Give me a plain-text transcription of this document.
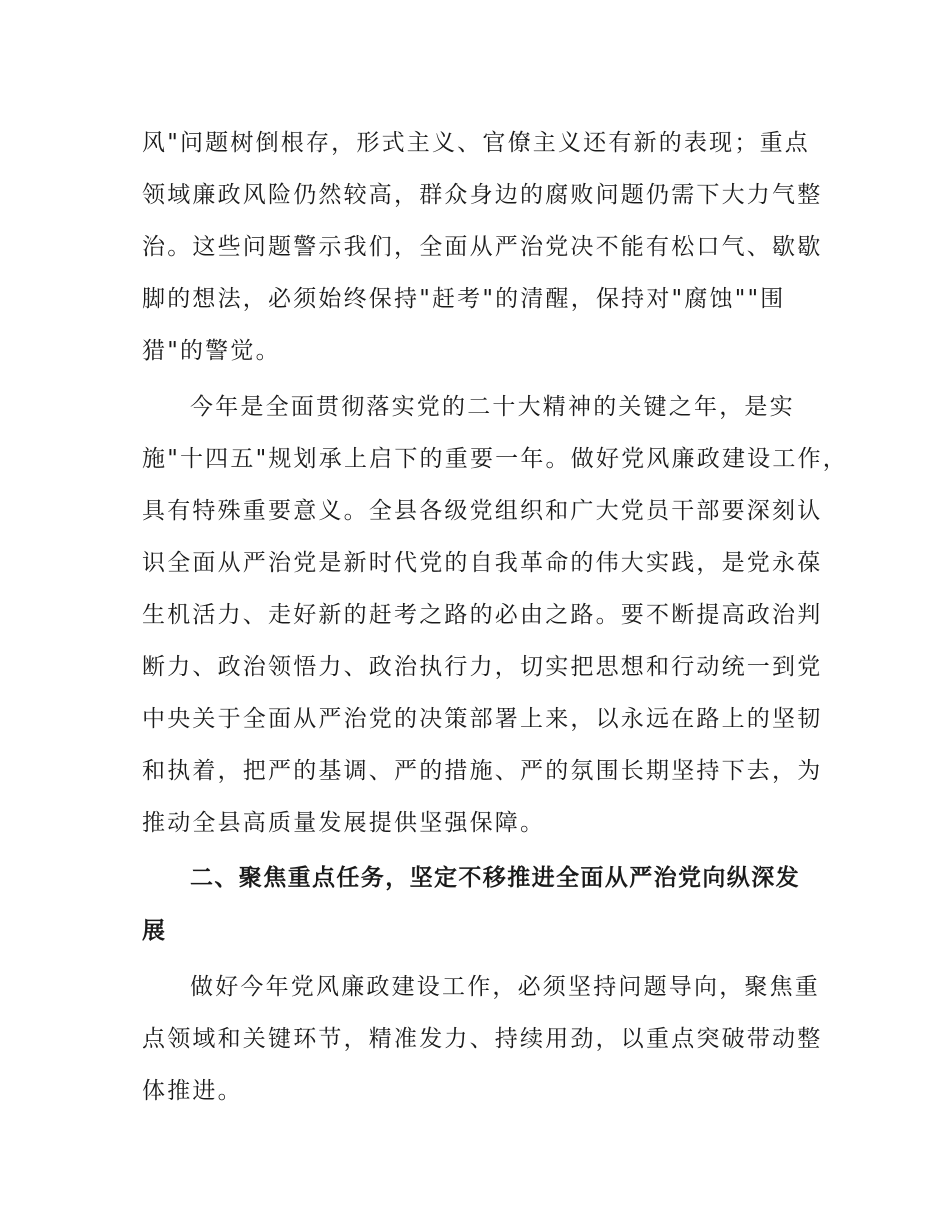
风"问题树倒根存，形式主义、官僚主义还有新的表现；重点

领域廉政风险仍然较高，群众身边的腐败问题仍需下大力气整

治。这些问题警示我们，全面从严治党决不能有松口气、歇歇

脚的想法，必须始终保持"赶考"的清醒，保持对"腐蚀""围

猎"的警觉。

今年是全面贯彻落实党的二十大精神的关键之年，是实

施"十四五"规划承上启下的重要一年。做好党风廉政建设工作，

具有特殊重要意义。全县各级党组织和广大党员干部要深刻认

识全面从严治党是新时代党的自我革命的伟大实践，是党永葆

生机活力、走好新的赶考之路的必由之路。要不断提高政治判

断力、政治领悟力、政治执行力，切实把思想和行动统一到党

中央关于全面从严治党的决策部署上来，以永远在路上的坚韧

和执着，把严的基调、严的措施、严的氛围长期坚持下去，为

推动全县高质量发展提供坚强保障。

二、聚焦重点任务，坚定不移推进全面从严治党向纵深发

展

做好今年党风廉政建设工作，必须坚持问题导向，聚焦重

点领域和关键环节，精准发力、持续用劲，以重点突破带动整

体推进。
